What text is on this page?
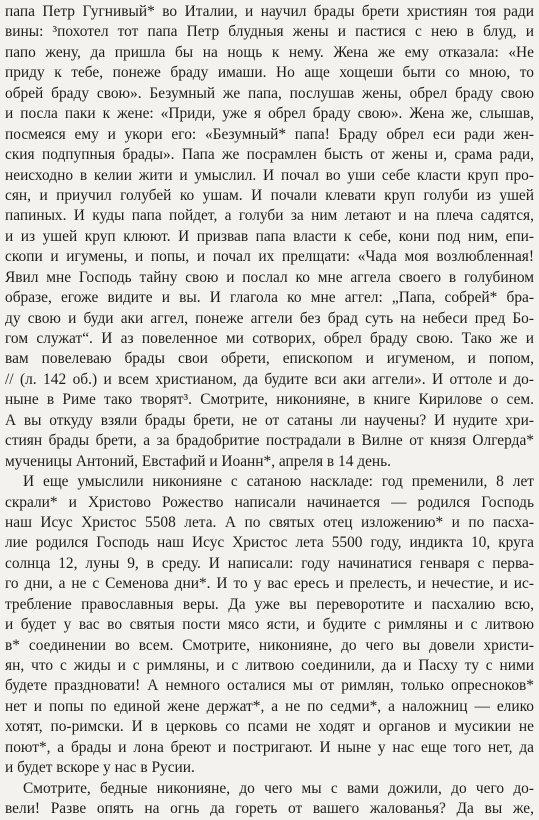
папа Петр Гугнивый* во Италии, и научил брады брети християн тоя ради
вины: ³похотел тот папа Петр блудныя жены и пастися с нею в блуд, и
папо жену, да пришла бы на нощь к нему. Жена же ему отказала: «Не
приду к тебе, понеже браду имаши. Но аще хощеши быти со мною, то
обрей браду свою». Безумный же папа, послушав жены, обрел браду свою
и посла паки к жене: «Приди, уже я обрел браду свою». Жена же, слышав,
посмеяся ему и укори его: «Безумный* папа! Браду обрел еси ради жен-
ския подпупныя брады». Папа же посрамлен бысть от жены и, срама ради,
неисходно в келии жити и умыслил. И почал во уши себе класти круп про-
сян, и приучил голубей ко ушам. И почали клевати круп голуби из ушей
папиных. И куды папа пойдет, а голуби за ним летают и на плеча садятся,
и из ушей круп клюют. И призвав папа власти к себе, кони под ним, епи-
скопи и игумены, и попы, и почал их прелщати: «Чада моя возлюбленная!
Явил мне Господь тайну свою и послал ко мне аггела своего в голубином
образе, егоже видите и вы. И глагола ко мне аггел: „Папа, собрей* бра-
ду свою и буди аки аггел, понеже аггели без брад суть на небеси пред Бо-
гом служат“. И аз повеленное ми сотворих, обрел браду свою. Тако же и
вам повелеваю брады свои обрети, епископом и игуменом, и попом,
// (л. 142 об.) и всем христианом, да будите вси аки аггели». И оттоле и до-
ныне в Риме тако творят³. Смотрите, никонияне, в книге Кирилове о сем.
А вы откуду взяли брады брети, не от сатаны ли научены? И нудите хри-
стиян брады брети, а за брадобритие пострадали в Вилне от князя Олгерда*
мученицы Антоний, Евстафий и Иоанн*, апреля в 14 день.
И еще умыслили никонияне с сатаною наскладе: год пременили, 8 лет
скрали* и Христово Рожество написали начинается — родился Господь
наш Исус Христос 5508 лета. А по святых отец изложению* и по пасха-
лие родился Господь наш Исус Христос лета 5500 году, индикта 10, круга
солнца 12, луны 9, в среду. И написали: году начинатися генваря с перва-
го дни, а не с Семенова дни*. И то у вас ересь и прелесть, и нечестие, и ис-
требление православныя веры. Да уже вы переворотите и пасхалию всю,
и будет у вас во святыя пости мясо ясти, и будите с римляны и с литвою
в* соединении во всем. Смотрите, никонияне, до чего вы довели христи-
ян, что с жиды и с римляны, и с литвою соединили, да и Пасху ту с ними
будете праздновати! А немного осталися мы от римлян, только опресноков*
нет и попы по единой жене держат*, а не по седми*, а наложниц — елико
хотят, по-римски. И в церковь со псами не ходят и органов и мусикии не
поют*, а брады и лона бреют и постригают. И ныне у нас еще того нет, да
и будет вскоре у нас в Русии.
Смотрите, бедные никонияне, до чего мы с вами дожили, до чего до-
вели! Разве опять на огнь да гореть от вашего жалованья? Да вы же,
